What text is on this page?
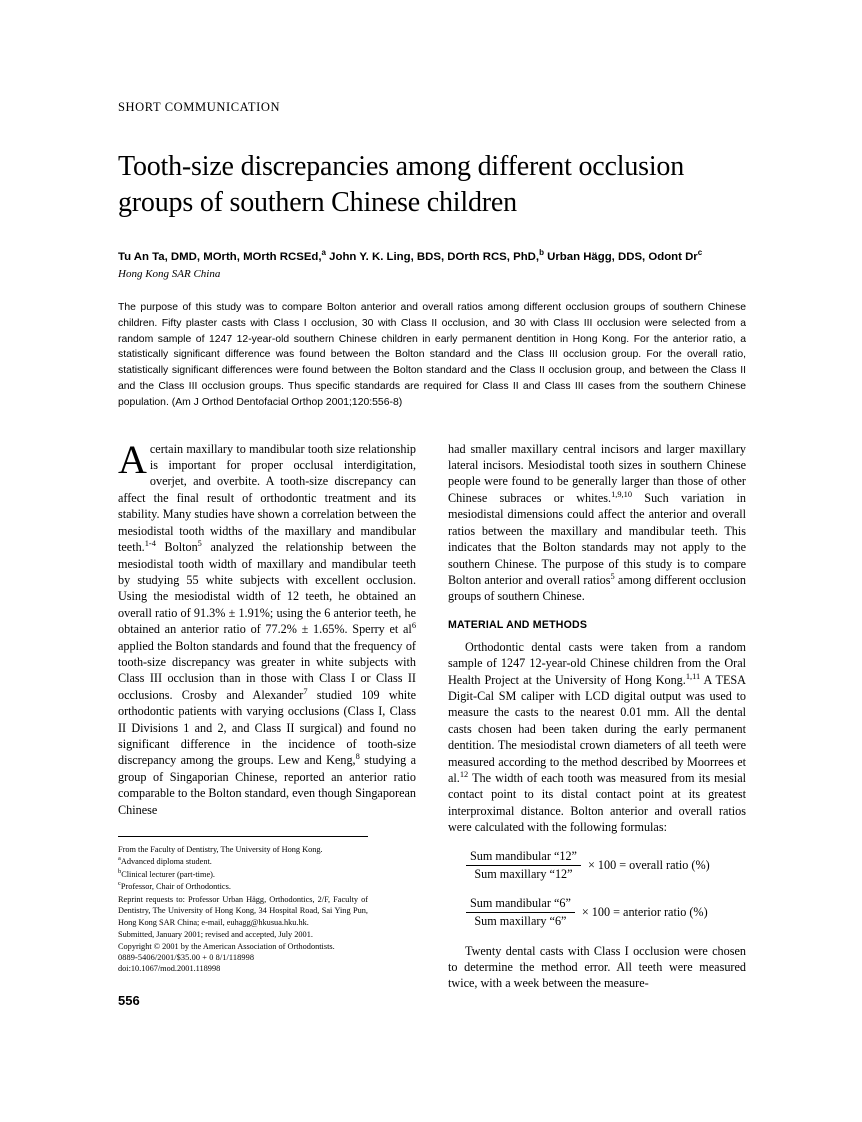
SHORT COMMUNICATION
Tooth-size discrepancies among different occlusion groups of southern Chinese children
Tu An Ta, DMD, MOrth, MOrth RCSEd,$^a$ John Y. K. Ling, BDS, DOrth RCS, PhD,$^b$ Urban Hägg, DDS, Odont Dr$^c$
Hong Kong SAR China
The purpose of this study was to compare Bolton anterior and overall ratios among different occlusion groups of southern Chinese children. Fifty plaster casts with Class I occlusion, 30 with Class II occlusion, and 30 with Class III occlusion were selected from a random sample of 1247 12-year-old southern Chinese children in early permanent dentition in Hong Kong. For the anterior ratio, a statistically significant difference was found between the Bolton standard and the Class III occlusion group. For the overall ratio, statistically significant differences were found between the Bolton standard and the Class II occlusion group, and between the Class II and the Class III occlusion groups. Thus specific standards are required for Class II and Class III cases from the southern Chinese population. (Am J Orthod Dentofacial Orthop 2001;120:556-8)

Acertain maxillary to mandibular tooth size relationship is important for proper occlusal interdigitation, overjet, and overbite. A tooth-size discrepancy can affect the final result of orthodontic treatment and its stability. Many studies have shown a correlation between the mesiodistal tooth widths of the maxillary and mandibular teeth.$^{1-4}$ Bolton$^5$ analyzed the relationship between the mesiodistal tooth width of maxillary and mandibular teeth by studying 55 white subjects with excellent occlusion. Using the mesiodistal width of 12 teeth, he obtained an overall ratio of 91.3% ± 1.91%; using the 6 anterior teeth, he obtained an anterior ratio of 77.2% ± 1.65%. Sperry et $al^6$ applied the Bolton standards and found that the frequency of tooth-size discrepancy was greater in white subjects with Class III occlusion than in those with Class I or Class II occlusions. Crosby and Alexander$^7$ studied 109 white orthodontic patients with varying occlusions (Class I, Class II Divisions 1 and 2, and Class II surgical) and found no significant difference in the incidence of tooth-size discrepancy among the groups. Lew and Keng,$^8$ studying a group of Singaporian Chinese, reported an anterior ratio comparable to the Bolton standard, even though Singaporean Chinese

From the Faculty of Dentistry, The University of Hong Kong.

$^a$Advanced diploma student.

$^b$Clinical lecturer (part-time).

$^c$Professor, Chair of Orthodontics.

Reprint requests to: Professor Urban Hägg, Orthodontics, 2/F, Faculty of Dentistry, The University of Hong Kong, 34 Hospital Road, Sai Ying Pun, Hong Kong SAR China; e-mail, euhagg@hkusua.hku.hk.

Submitted, January 2001; revised and accepted, July 2001.

Copyright © 2001 by the American Association of Orthodontists.

0889-5406/2001/$35.00 + 0 8/1/118998

doi:10.1067/mod.2001.118998

556

had smaller maxillary central incisors and larger maxillary lateral incisors. Mesiodistal tooth sizes in southern Chinese people were found to be generally larger than those of other Chinese subraces or whites.$^{1,9,10}$ Such variation in mesiodistal dimensions could affect the anterior and overall ratios between the maxillary and mandibular teeth. This indicates that the Bolton standards may not apply to the southern Chinese. The purpose of this study is to compare Bolton anterior and overall ratios$^5$ among different occlusion groups of southern Chinese.

MATERIAL AND METHODS

Orthodontic dental casts were taken from a random sample of 1247 12-year-old Chinese children from the Oral Health Project at the University of Hong Kong.$^{1,11}$ A TESA Digit-Cal SM caliper with LCD digital output was used to measure the casts to the nearest 0.01 mm. All the dental casts chosen had been taken during the early permanent dentition. The mesiodistal crown diameters of all teeth were measured according to the method described by Moorrees et al.$^{12}$ The width of each tooth was measured from its mesial contact point to its distal contact point at its greatest interproximal distance. Bolton anterior and overall ratios were calculated with the following formulas:

$\frac{\text{Sum mandibular “12”}}{\text{Sum maxillary “12”}} \times 100$ = overall ratio (%)
$\frac{\text{Sum mandibular “6”}}{\text{Sum maxillary “6”}} \times 100$ = anterior ratio (%)

Twenty dental casts with Class I occlusion were chosen to determine the method error. All teeth were measured twice, with a week between the measure-
